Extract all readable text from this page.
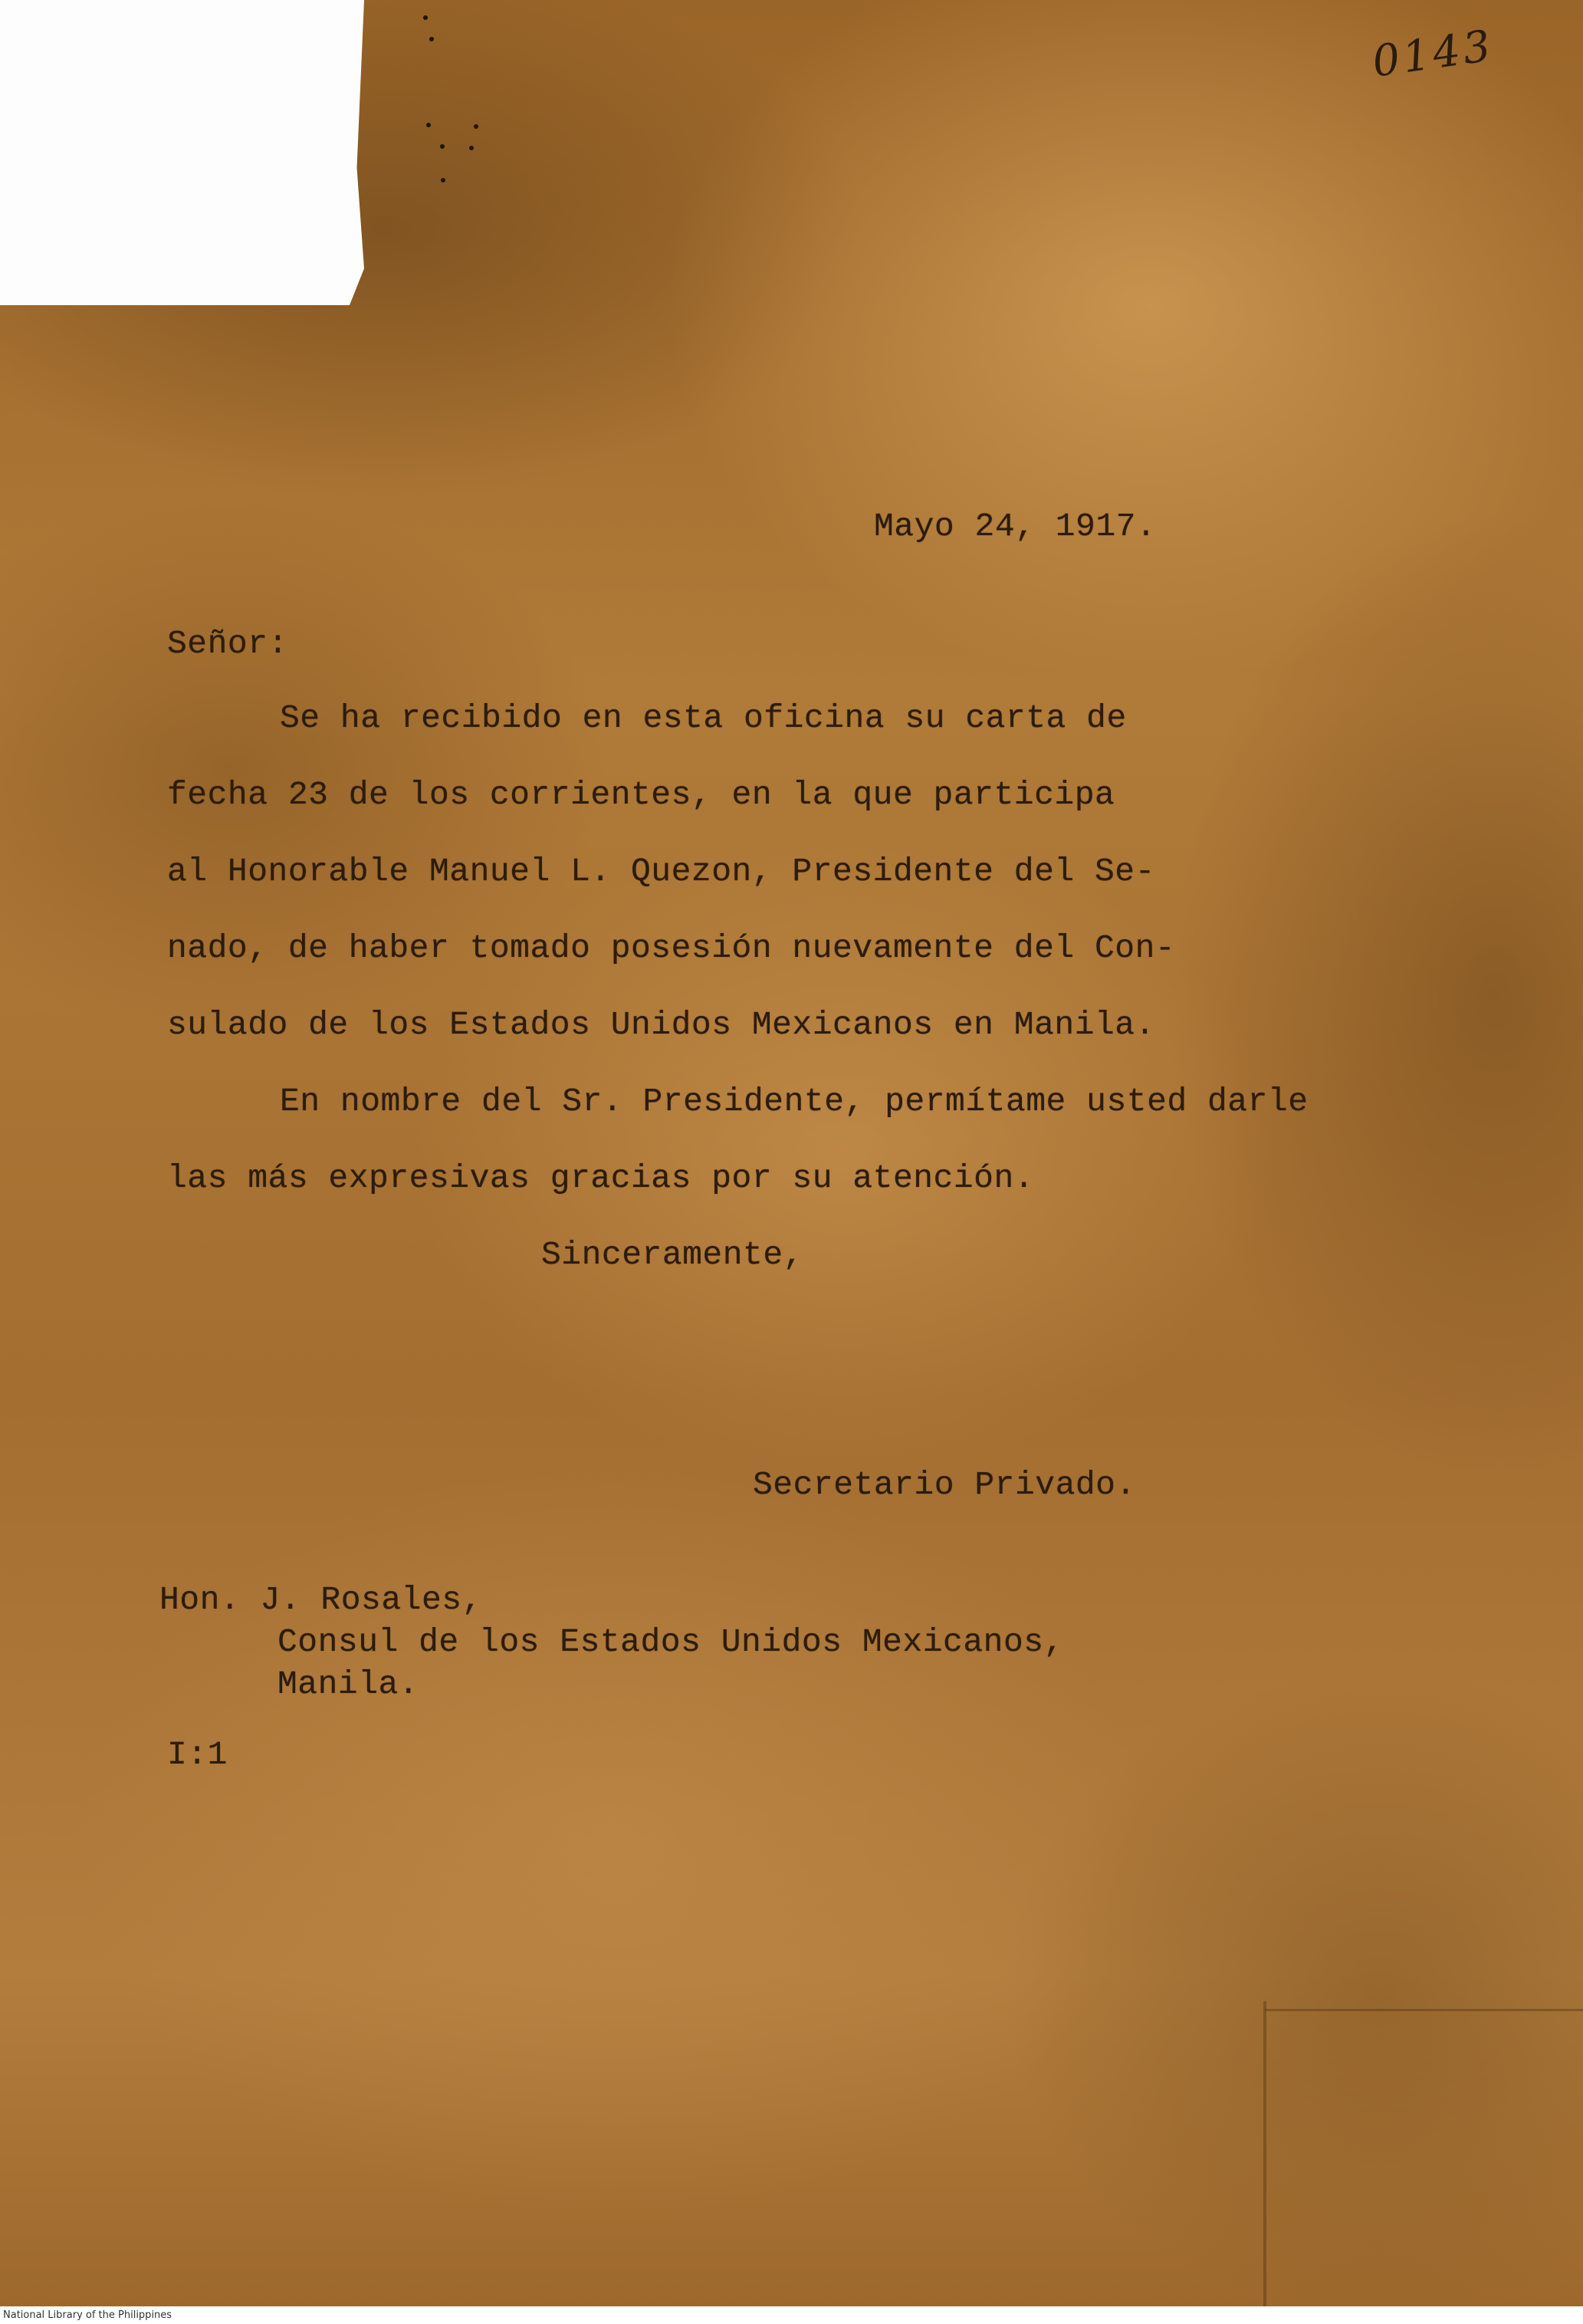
0143
Mayo 24, 1917.
Señor:
Se ha recibido en esta oficina su carta de
fecha 23 de los corrientes, en la que participa
al Honorable Manuel L. Quezon, Presidente del Se-
nado, de haber tomado posesión nuevamente del Con-
sulado de los Estados Unidos Mexicanos en Manila.
En nombre del Sr. Presidente, permítame usted darle
las más expresivas gracias por su atención.
Sinceramente,
Secretario Privado.
Hon. J. Rosales,
Consul de los Estados Unidos Mexicanos,
Manila.
I:1
National Library of the Philippines
